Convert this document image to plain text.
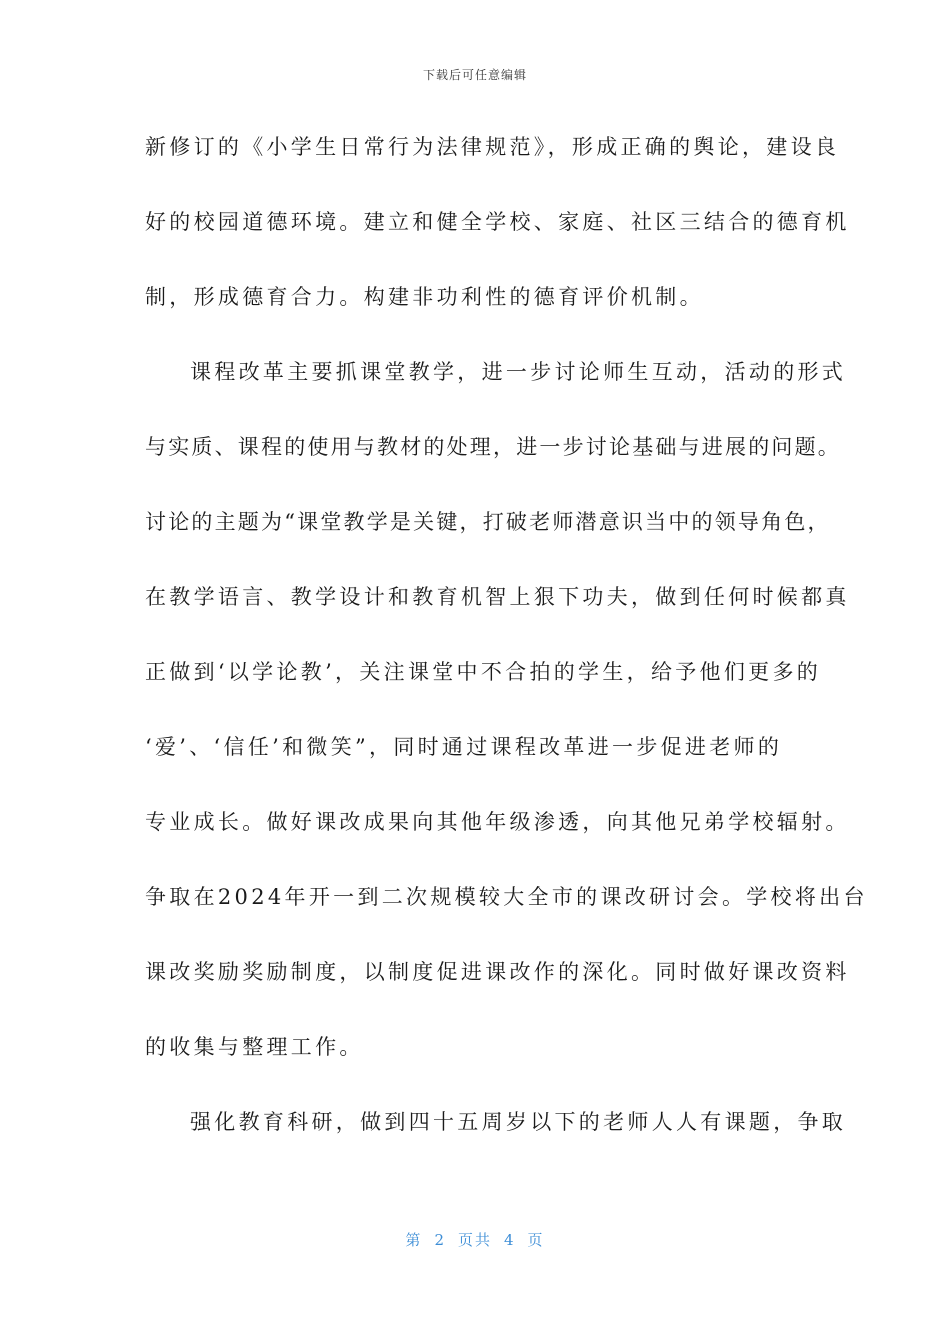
下载后可任意编辑
新修订的《小学生日常行为法律规范》，形成正确的舆论，建设良
好的校园道德环境。建立和健全学校、家庭、社区三结合的德育机
制，形成德育合力。构建非功利性的德育评价机制。
课程改革主要抓课堂教学，进一步讨论师生互动，活动的形式
与实质、课程的使用与教材的处理，进一步讨论基础与进展的问题。
讨论的主题为“课堂教学是关键，打破老师潜意识当中的领导角色，
在教学语言、教学设计和教育机智上狠下功夫，做到任何时候都真
正做到‘以学论教’，关注课堂中不合拍的学生，给予他们更多的
‘爱’、‘信任’和微笑”，同时通过课程改革进一步促进老师的
专业成长。做好课改成果向其他年级渗透，向其他兄弟学校辐射。
争取在2024年开一到二次规模较大全市的课改研讨会。学校将出台
课改奖励奖励制度，以制度促进课改作的深化。同时做好课改资料
的收集与整理工作。
强化教育科研，做到四十五周岁以下的老师人人有课题，争取
第 2 页共 4 页
